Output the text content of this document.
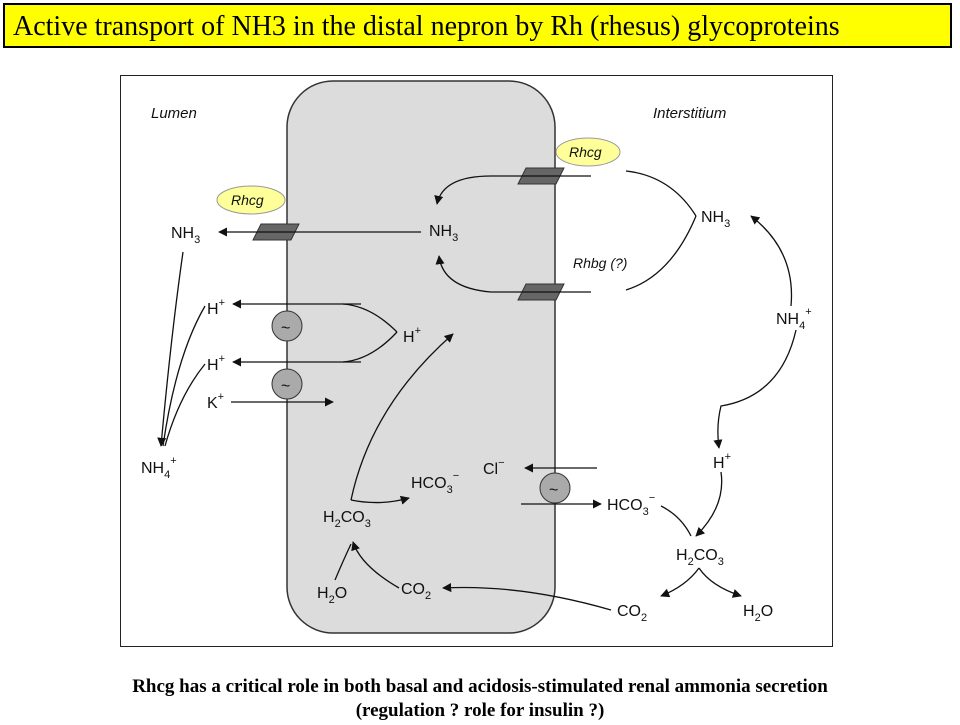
Active transport of NH3 in the distal nepron by Rh (rhesus) glycoproteins
Lumen	Interstitium
Rhcg
Rhcg
Rhbg (?)
~
~
~
$NH_3$	$NH_3$
$NH_3$
$NH_4^+$
$NH_4^+$
H+
H+
K+
H+
H+
Cl−
$HCO_3^-$
$HCO_3^-$
$H_2CO_3$
$H_2CO_3$
$H_2O$	$CO_2$
$CO_2$	$H_2O$
Rhcg has a critical role in both basal and acidosis-stimulated renal ammonia secretion
(regulation ? role for insulin ?)
